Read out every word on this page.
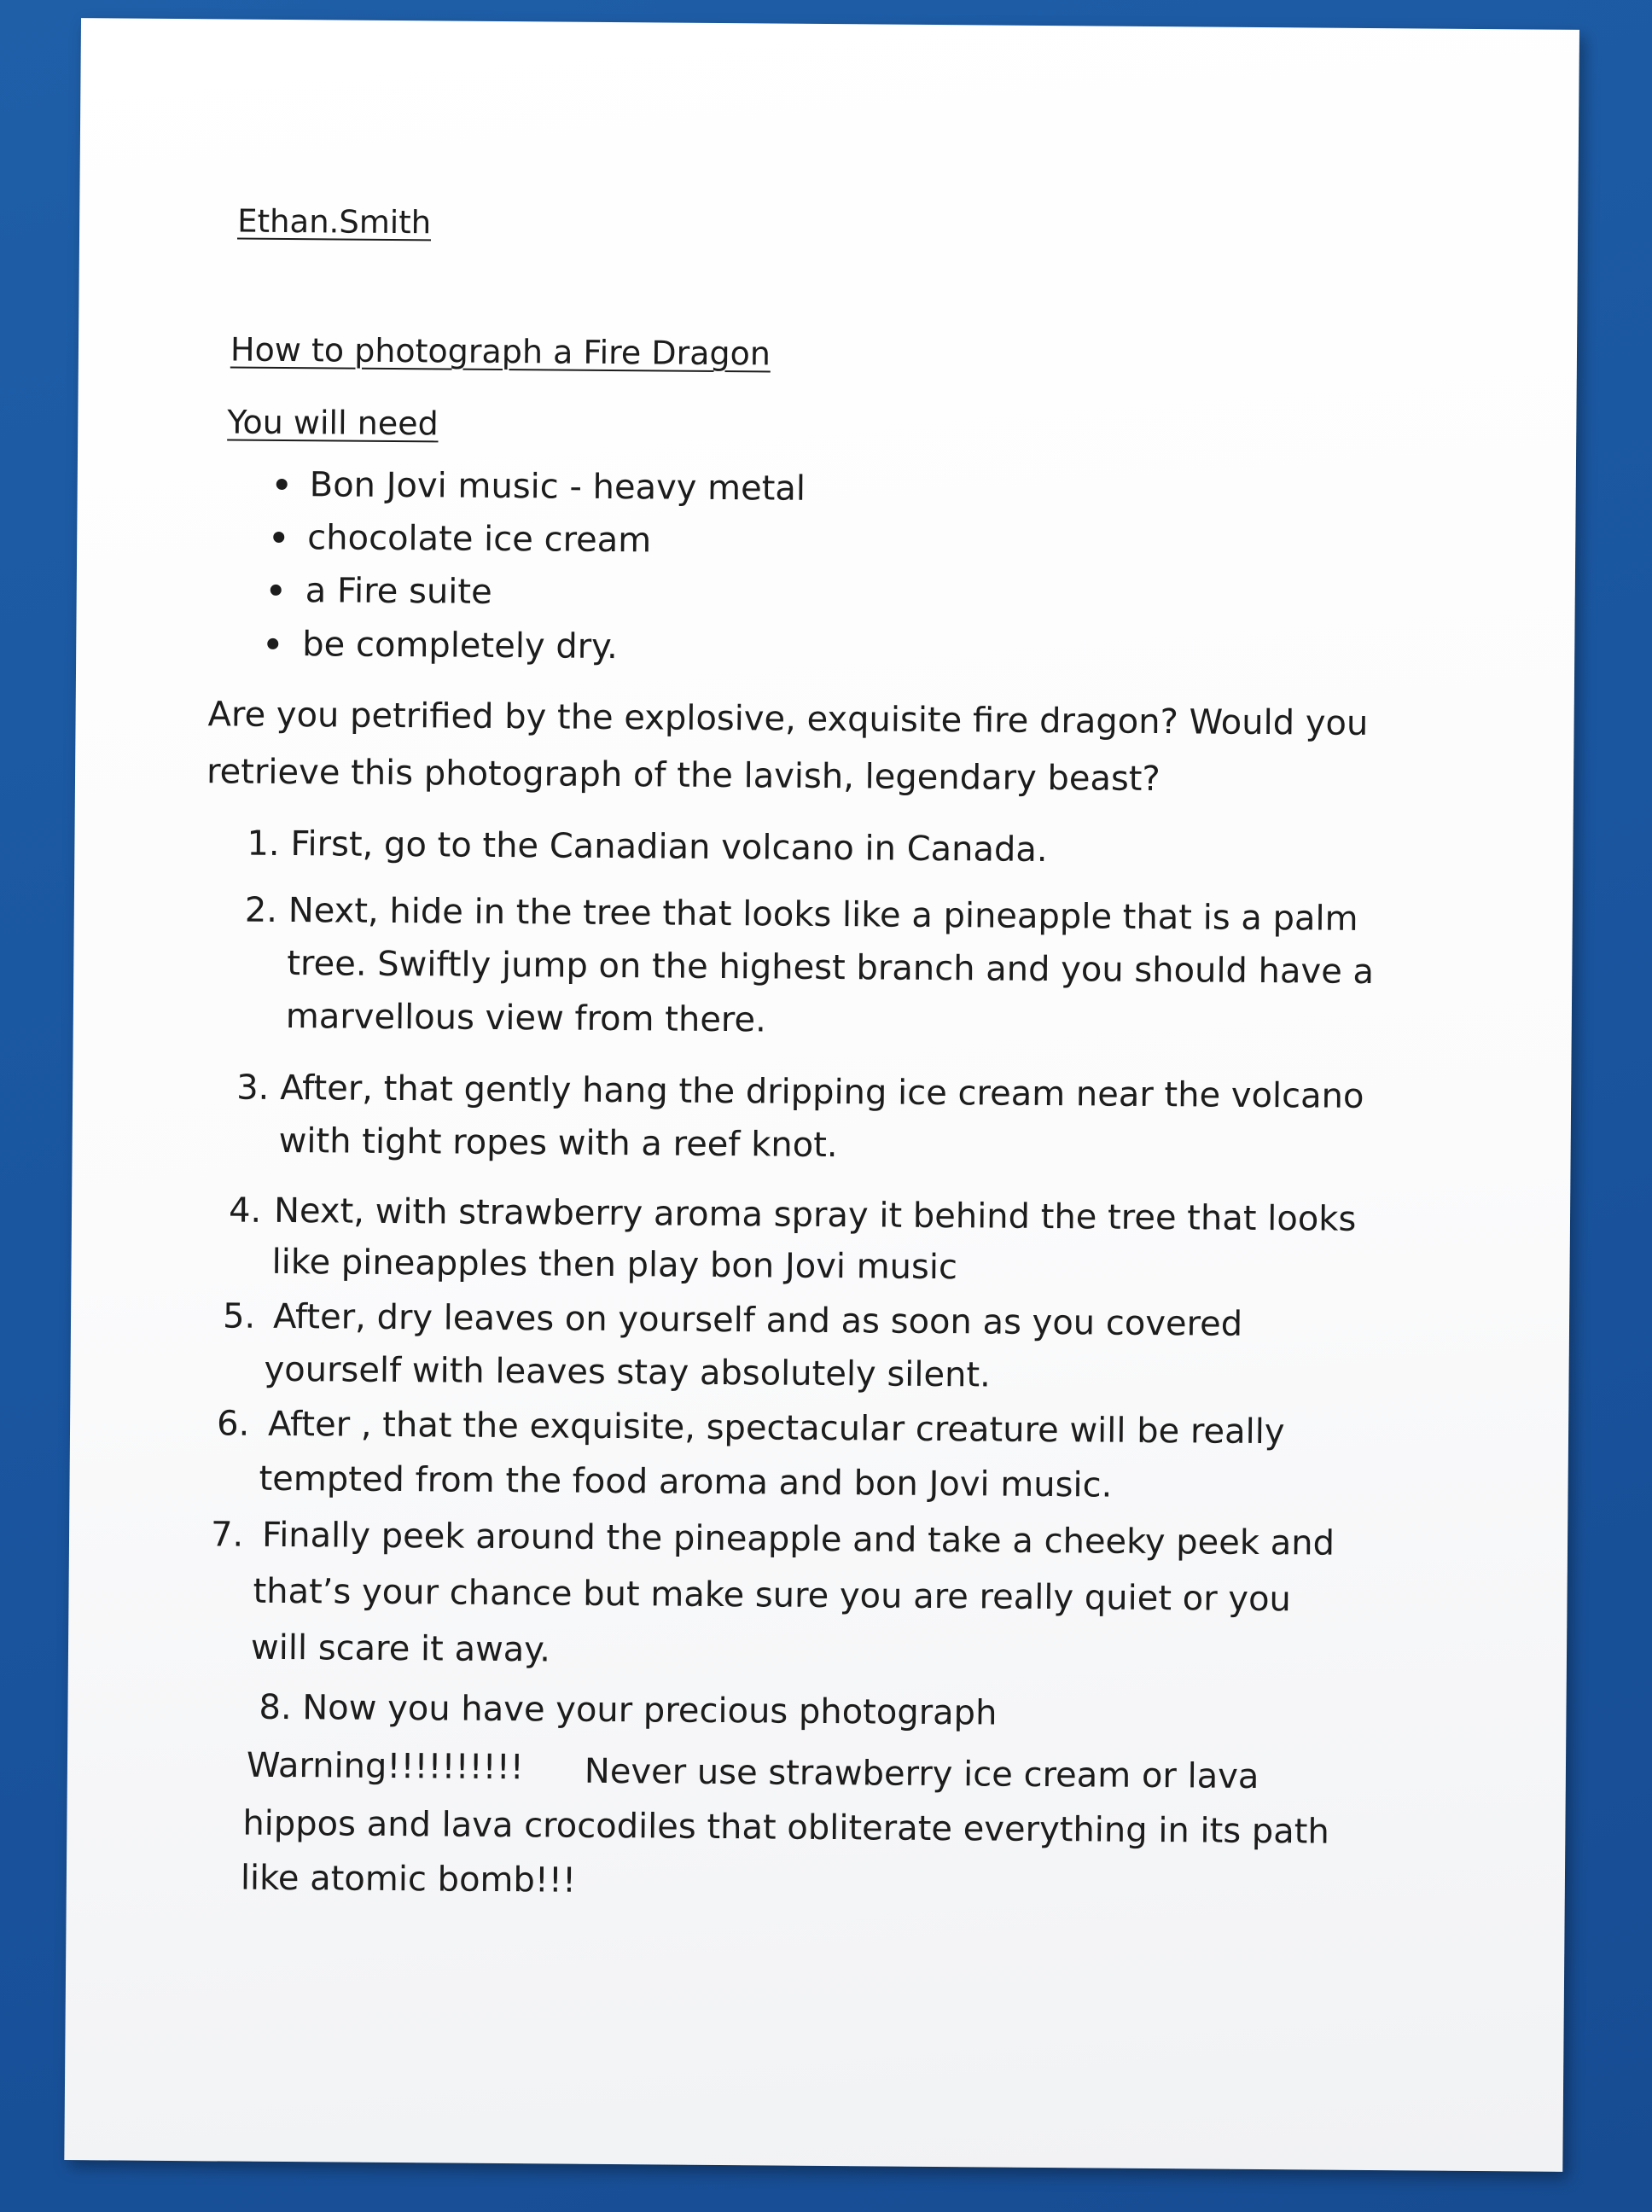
Ethan.Smith
How to photograph a Fire Dragon
You will need
Bon Jovi music - heavy metal
chocolate ice cream
a Fire suite
be completely dry.
Are you petrified by the explosive, exquisite fire dragon? Would you
retrieve this photograph of the lavish, legendary beast?
1. First, go to the Canadian volcano in Canada.
2. Next, hide in the tree that looks like a pineapple that is a palm
tree. Swiftly jump on the highest branch and you should have a
marvellous view from there.
3. After, that gently hang the dripping ice cream near the volcano
with tight ropes with a reef knot.
4. Next, with strawberry aroma spray it behind the tree that looks
like pineapples then play bon Jovi music
5. After, dry leaves on yourself and as soon as you covered
yourself with leaves stay absolutely silent.
6. After , that the exquisite, spectacular creature will be really
tempted from the food aroma and bon Jovi music.
7. Finally peek around the pineapple and take a cheeky peek and
that’s your chance but make sure you are really quiet or you
will scare it away.
8. Now you have your precious photograph
Warning!!!!!!!!!! Never use strawberry ice cream or lava
hippos and lava crocodiles that obliterate everything in its path
like atomic bomb!!!
